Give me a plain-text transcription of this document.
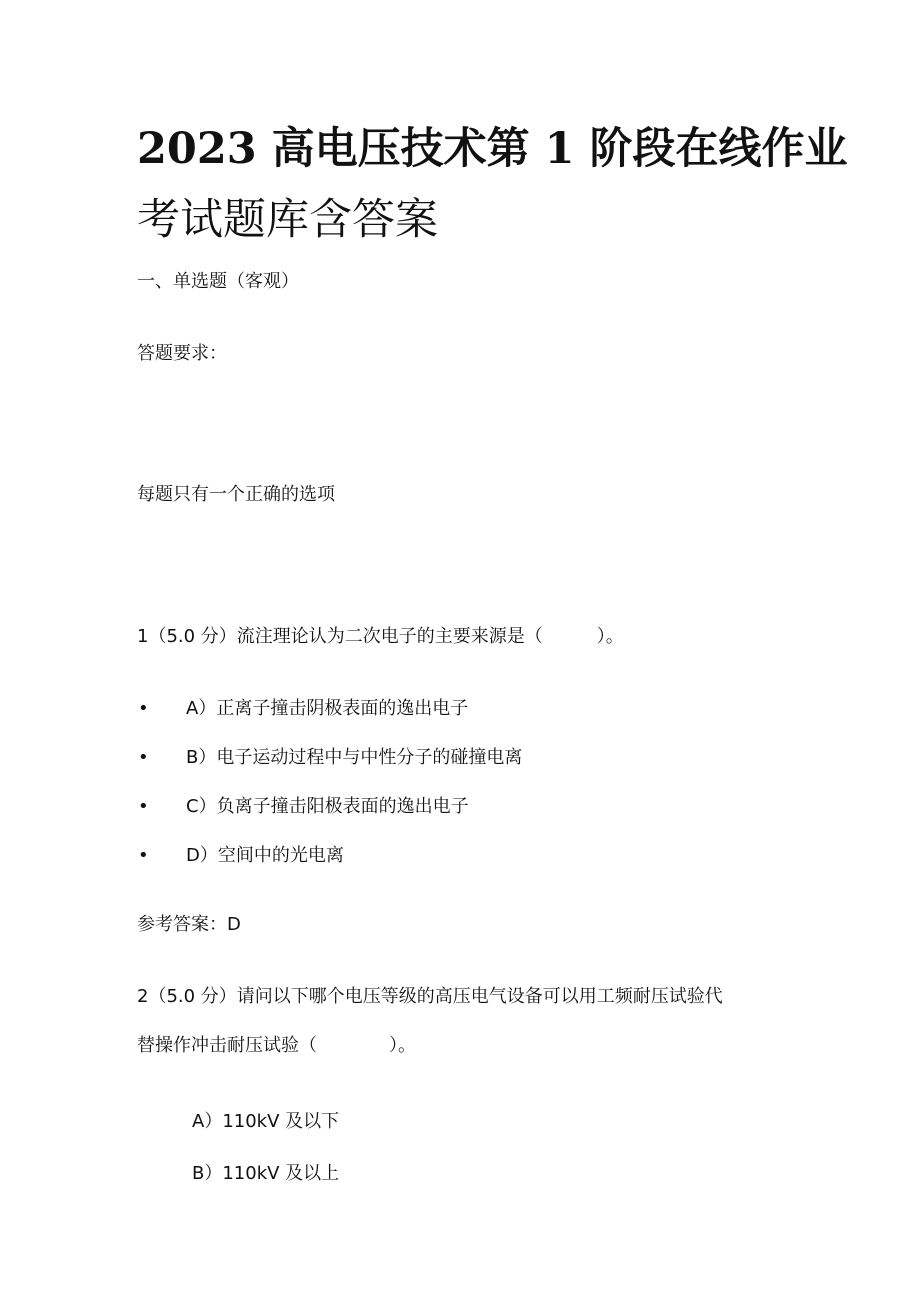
2023 高电压技术第 1 阶段在线作业
考试题库含答案
一、单选题（客观）
答题要求：
每题只有一个正确的选项
1（5.0 分）流注理论认为二次电子的主要来源是（　　　）。
• A）正离子撞击阴极表面的逸出电子
• B）电子运动过程中与中性分子的碰撞电离
• C）负离子撞击阳极表面的逸出电子
• D）空间中的光电离
参考答案：D
2（5.0 分）请问以下哪个电压等级的高压电气设备可以用工频耐压试验代
替操作冲击耐压试验（　　　　）。
A）110kV 及以下
B）110kV 及以上
